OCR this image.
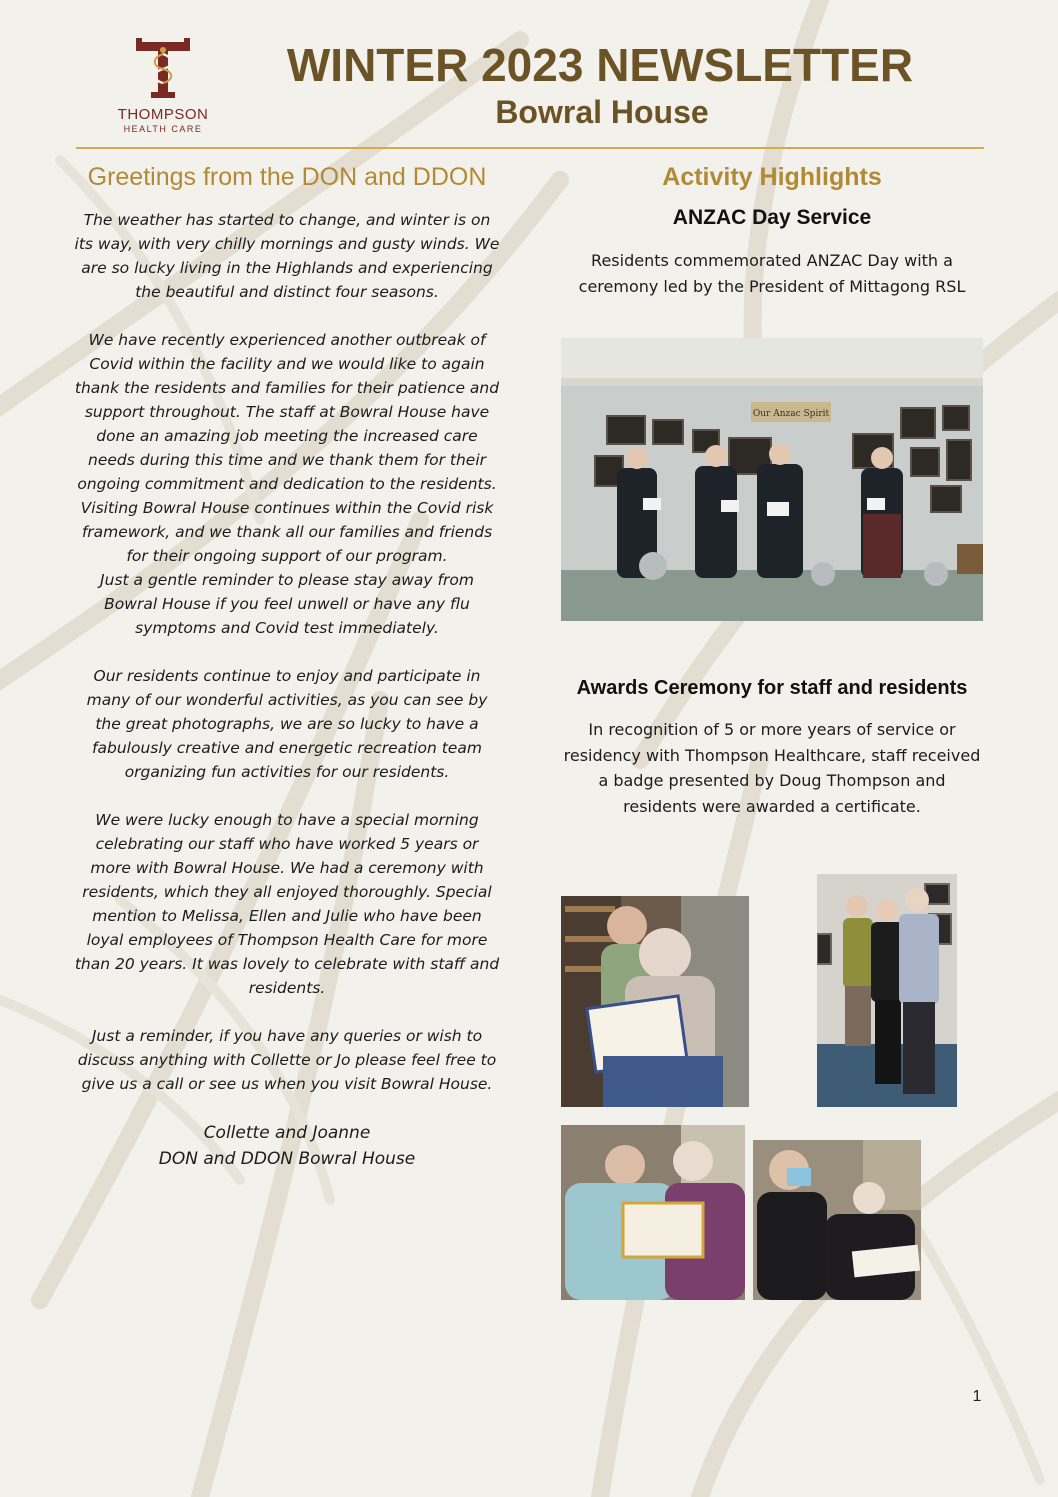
THOMPSON
HEALTH CARE
WINTER 2023 NEWSLETTER
Bowral House
Greetings from the DON and DDON

The weather has started to change, and winter is on its way, with very chilly mornings and gusty winds. We are so lucky living in the Highlands and experiencing the beautiful and distinct four seasons.

We have recently experienced another outbreak of Covid within the facility and we would like to again thank the residents and families for their patience and support throughout. The staff at Bowral House have done an amazing job meeting the increased care needs during this time and we thank them for their ongoing commitment and dedication to the residents.

Visiting Bowral House continues within the Covid risk framework, and we thank all our families and friends for their ongoing support of our program.

Just a gentle reminder to please stay away from Bowral House if you feel unwell or have any flu symptoms and Covid test immediately.

Our residents continue to enjoy and participate in many of our wonderful activities, as you can see by the great photographs, we are so lucky to have a fabulously creative and energetic recreation team organizing fun activities for our residents.

We were lucky enough to have a special morning celebrating our staff who have worked 5 years or more with Bowral House. We had a ceremony with residents, which they all enjoyed thoroughly. Special mention to Melissa, Ellen and Julie who have been loyal employees of Thompson Health Care for more than 20 years. It was lovely to celebrate with staff and residents.

Just a reminder, if you have any queries or wish to discuss anything with Collette or Jo please feel free to give us a call or see us when you visit Bowral House.

Collette and Joanne
DON and DDON Bowral House
Activity Highlights
ANZAC Day Service

Residents commemorated ANZAC Day with a ceremony led by the President of Mittagong RSL

Our Anzac Spirit
Awards Ceremony for staff and residents

In recognition of 5 or more years of service or residency with Thompson Healthcare, staff received a badge presented by Doug Thompson and residents were awarded a certificate.

1
